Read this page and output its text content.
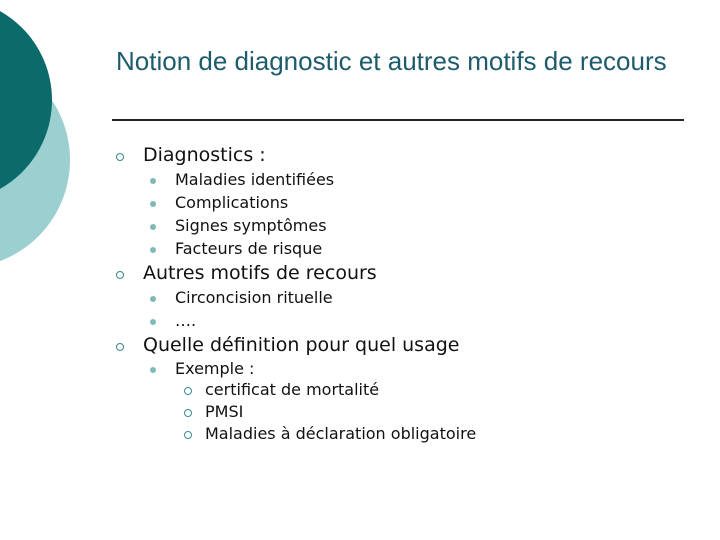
Notion de diagnostic et autres motifs de recours
Diagnostics :
Maladies identifiées
Complications
Signes symptômes
Facteurs de risque
Autres motifs de recours
Circoncision rituelle
….
Quelle définition pour quel usage
Exemple :
certificat de mortalité
PMSI
Maladies à déclaration obligatoire
